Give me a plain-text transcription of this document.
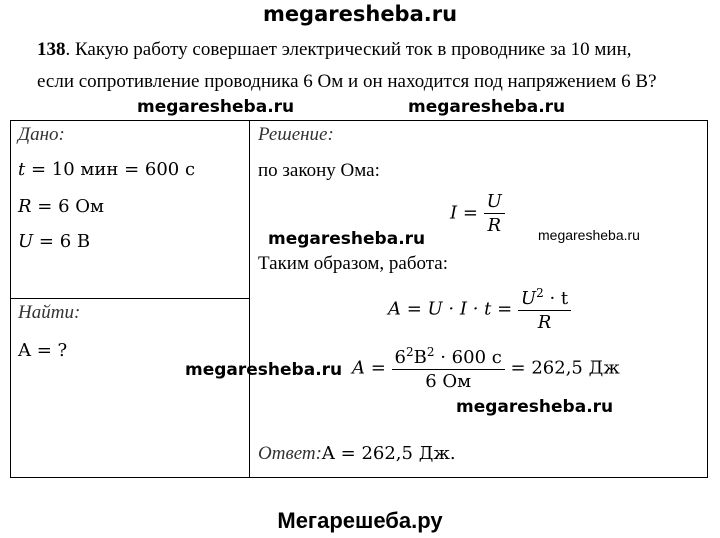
megaresheba.ru
138. Какую работу совершает электрический ток в проводнике за 10 мин,
если сопротивление проводника 6 Ом и он находится под напряжением 6 В?
megaresheba.ru	megaresheba.ru
Дано:
t = 10 мин = 600 с
R = 6 Ом
U = 6 В
Найти:
A = ?
Решение:
по закону Ома:
$I = \frac{U}{R}$
megaresheba.ru	megaresheba.ru
Таким образом, работа:
$A = U \cdot I \cdot t = \frac{U^2 \cdot t}{R}$
megaresheba.ru $A = \frac{6^2В^2 \cdot 600 с}{6 Ом} = 262,5$ Дж
megaresheba.ru
Ответ:A = 262,5 Дж.
Мегарешеба.ру
